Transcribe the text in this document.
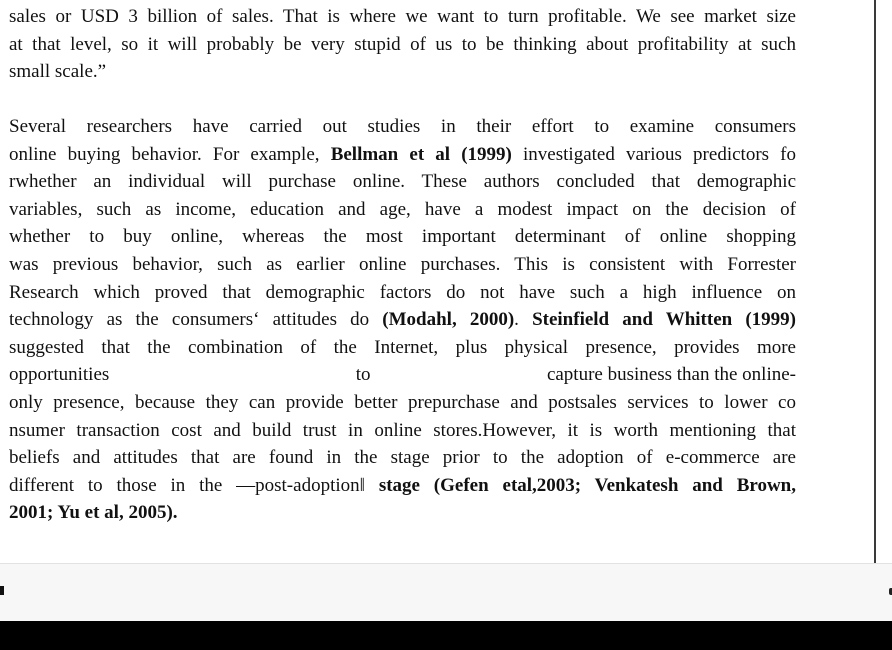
sales or USD 3 billion of sales. That is where we want to turn profitable. We see market size
at that level, so it will probably be very stupid of us to be thinking about profitability at such
small scale.”
Several researchers have carried out studies in their effort to examine consumers
online buying behavior. For example, Bellman et al (1999) investigated various predictors fo
rwhether an individual will purchase online. These authors concluded that demographic
variables, such as income, education and age, have a modest impact on the decision of
whether to buy online, whereas the most important determinant of online shopping
was previous behavior, such as earlier online purchases. This is consistent with Forrester
Research which proved that demographic factors do not have such a high influence on
technology as the consumers‘ attitudes do (Modahl, 2000). Steinfield and Whitten (1999)
suggested that the combination of the Internet, plus physical presence, provides more
opportunities	to	capture business than the online-
only presence, because they can provide better prepurchase and postsales services to lower co
nsumer transaction cost and build trust in online stores.However, it is worth mentioning that
beliefs and attitudes that are found in the stage prior to the adoption of e-commerce are
different to those in the —post-adoption‖ stage (Gefen etal,2003; Venkatesh and Brown,
2001; Yu et al, 2005).
